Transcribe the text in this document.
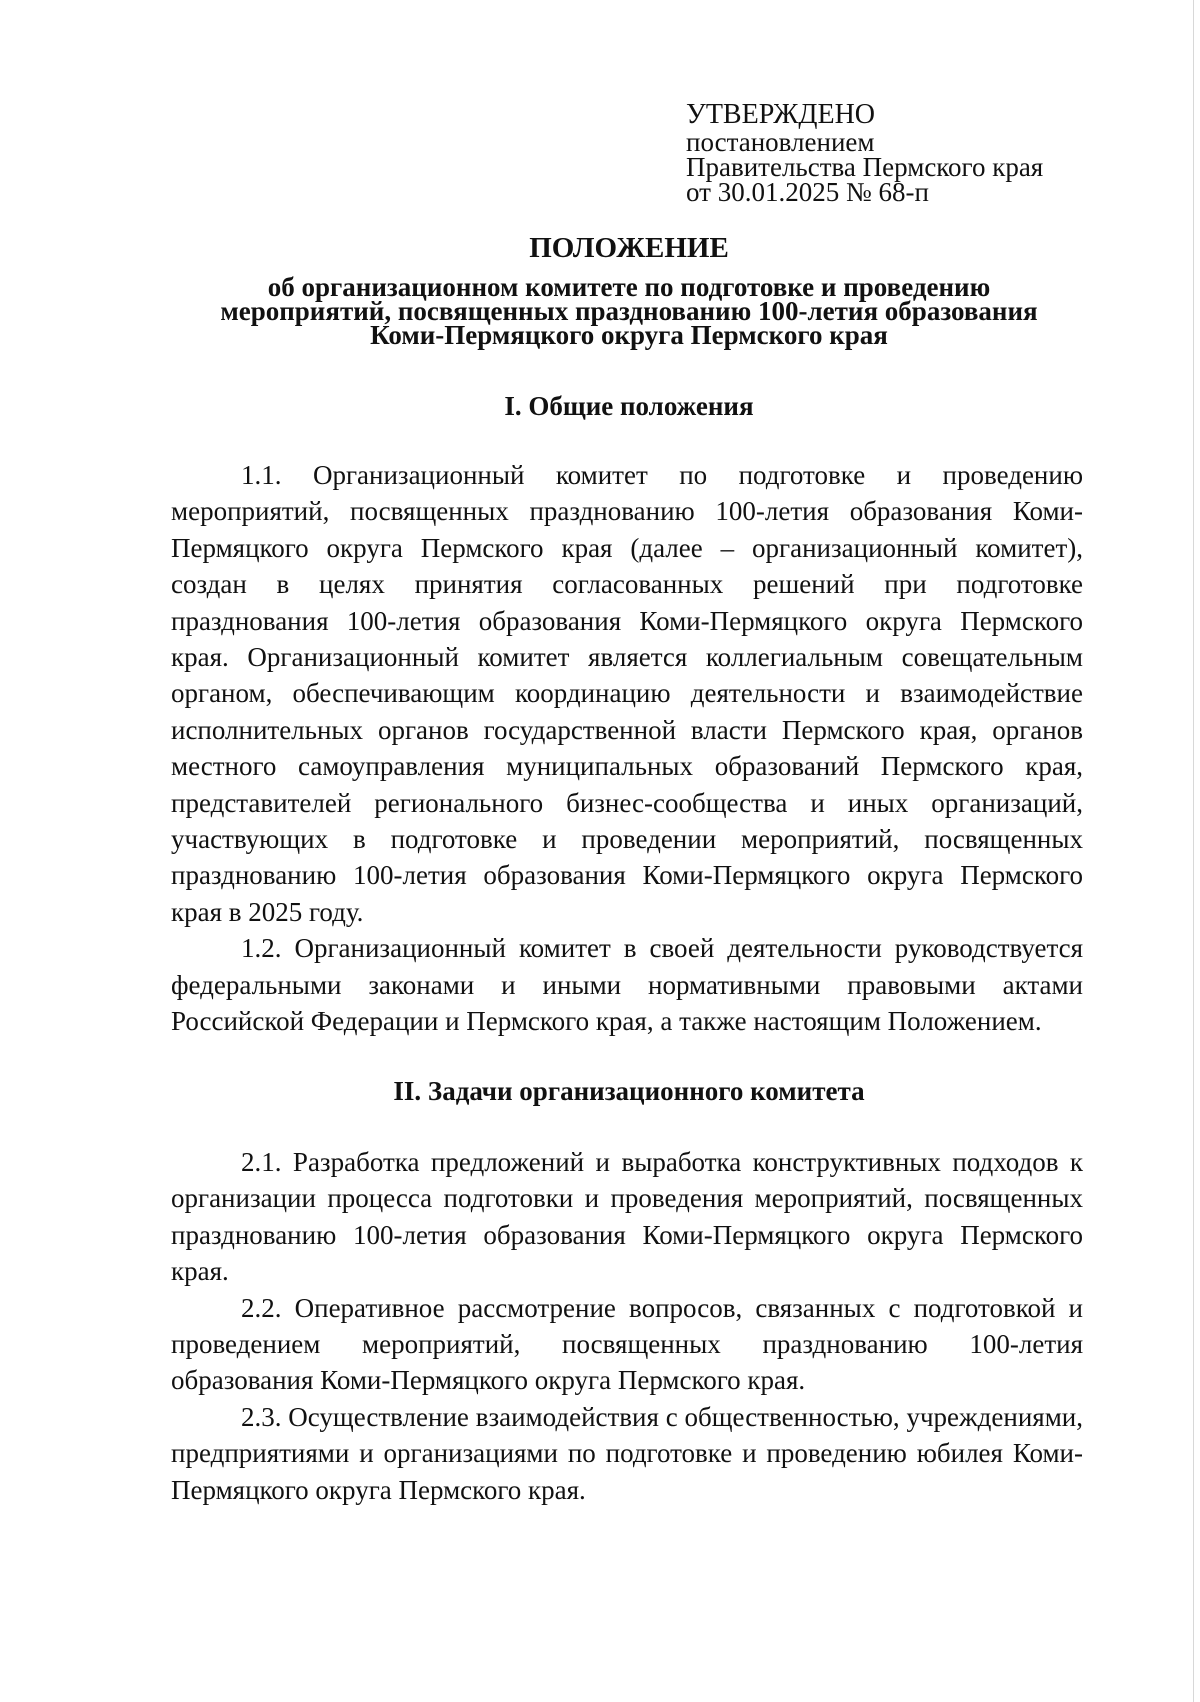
УТВЕРЖДЕНО
постановлением
Правительства Пермского края
от 30.01.2025 № 68-п
ПОЛОЖЕНИЕ
об организационном комитете по подготовке и проведению
мероприятий, посвященных празднованию 100-летия образования
Коми-Пермяцкого округа Пермского края
I. Общие положения

1.1. Организационный комитет по подготовке и проведению мероприятий, посвященных празднованию 100-летия образования Коми-Пермяцкого округа Пермского края (далее – организационный комитет), создан в целях принятия согласованных решений при подготовке празднования 100-летия образования Коми-Пермяцкого округа Пермского края. Организационный комитет является коллегиальным совещательным органом, обеспечивающим координацию деятельности и взаимодействие исполнительных органов государственной власти Пермского края, органов местного самоуправления муниципальных образований Пермского края, представителей регионального бизнес-сообщества и иных организаций, участвующих в подготовке и проведении мероприятий, посвященных празднованию 100-летия образования Коми-Пермяцкого округа Пермского края в 2025 году.

1.2. Организационный комитет в своей деятельности руководствуется федеральными законами и иными нормативными правовыми актами Российской Федерации и Пермского края, а также настоящим Положением.

II. Задачи организационного комитета

2.1. Разработка предложений и выработка конструктивных подходов к организации процесса подготовки и проведения мероприятий, посвященных празднованию 100-летия образования Коми-Пермяцкого округа Пермского края.

2.2. Оперативное рассмотрение вопросов, связанных с подготовкой и проведением мероприятий, посвященных празднованию 100-летия образования Коми-Пермяцкого округа Пермского края.

2.3. Осуществление взаимодействия с общественностью, учреждениями, предприятиями и организациями по подготовке и проведению юбилея Коми-Пермяцкого округа Пермского края.
